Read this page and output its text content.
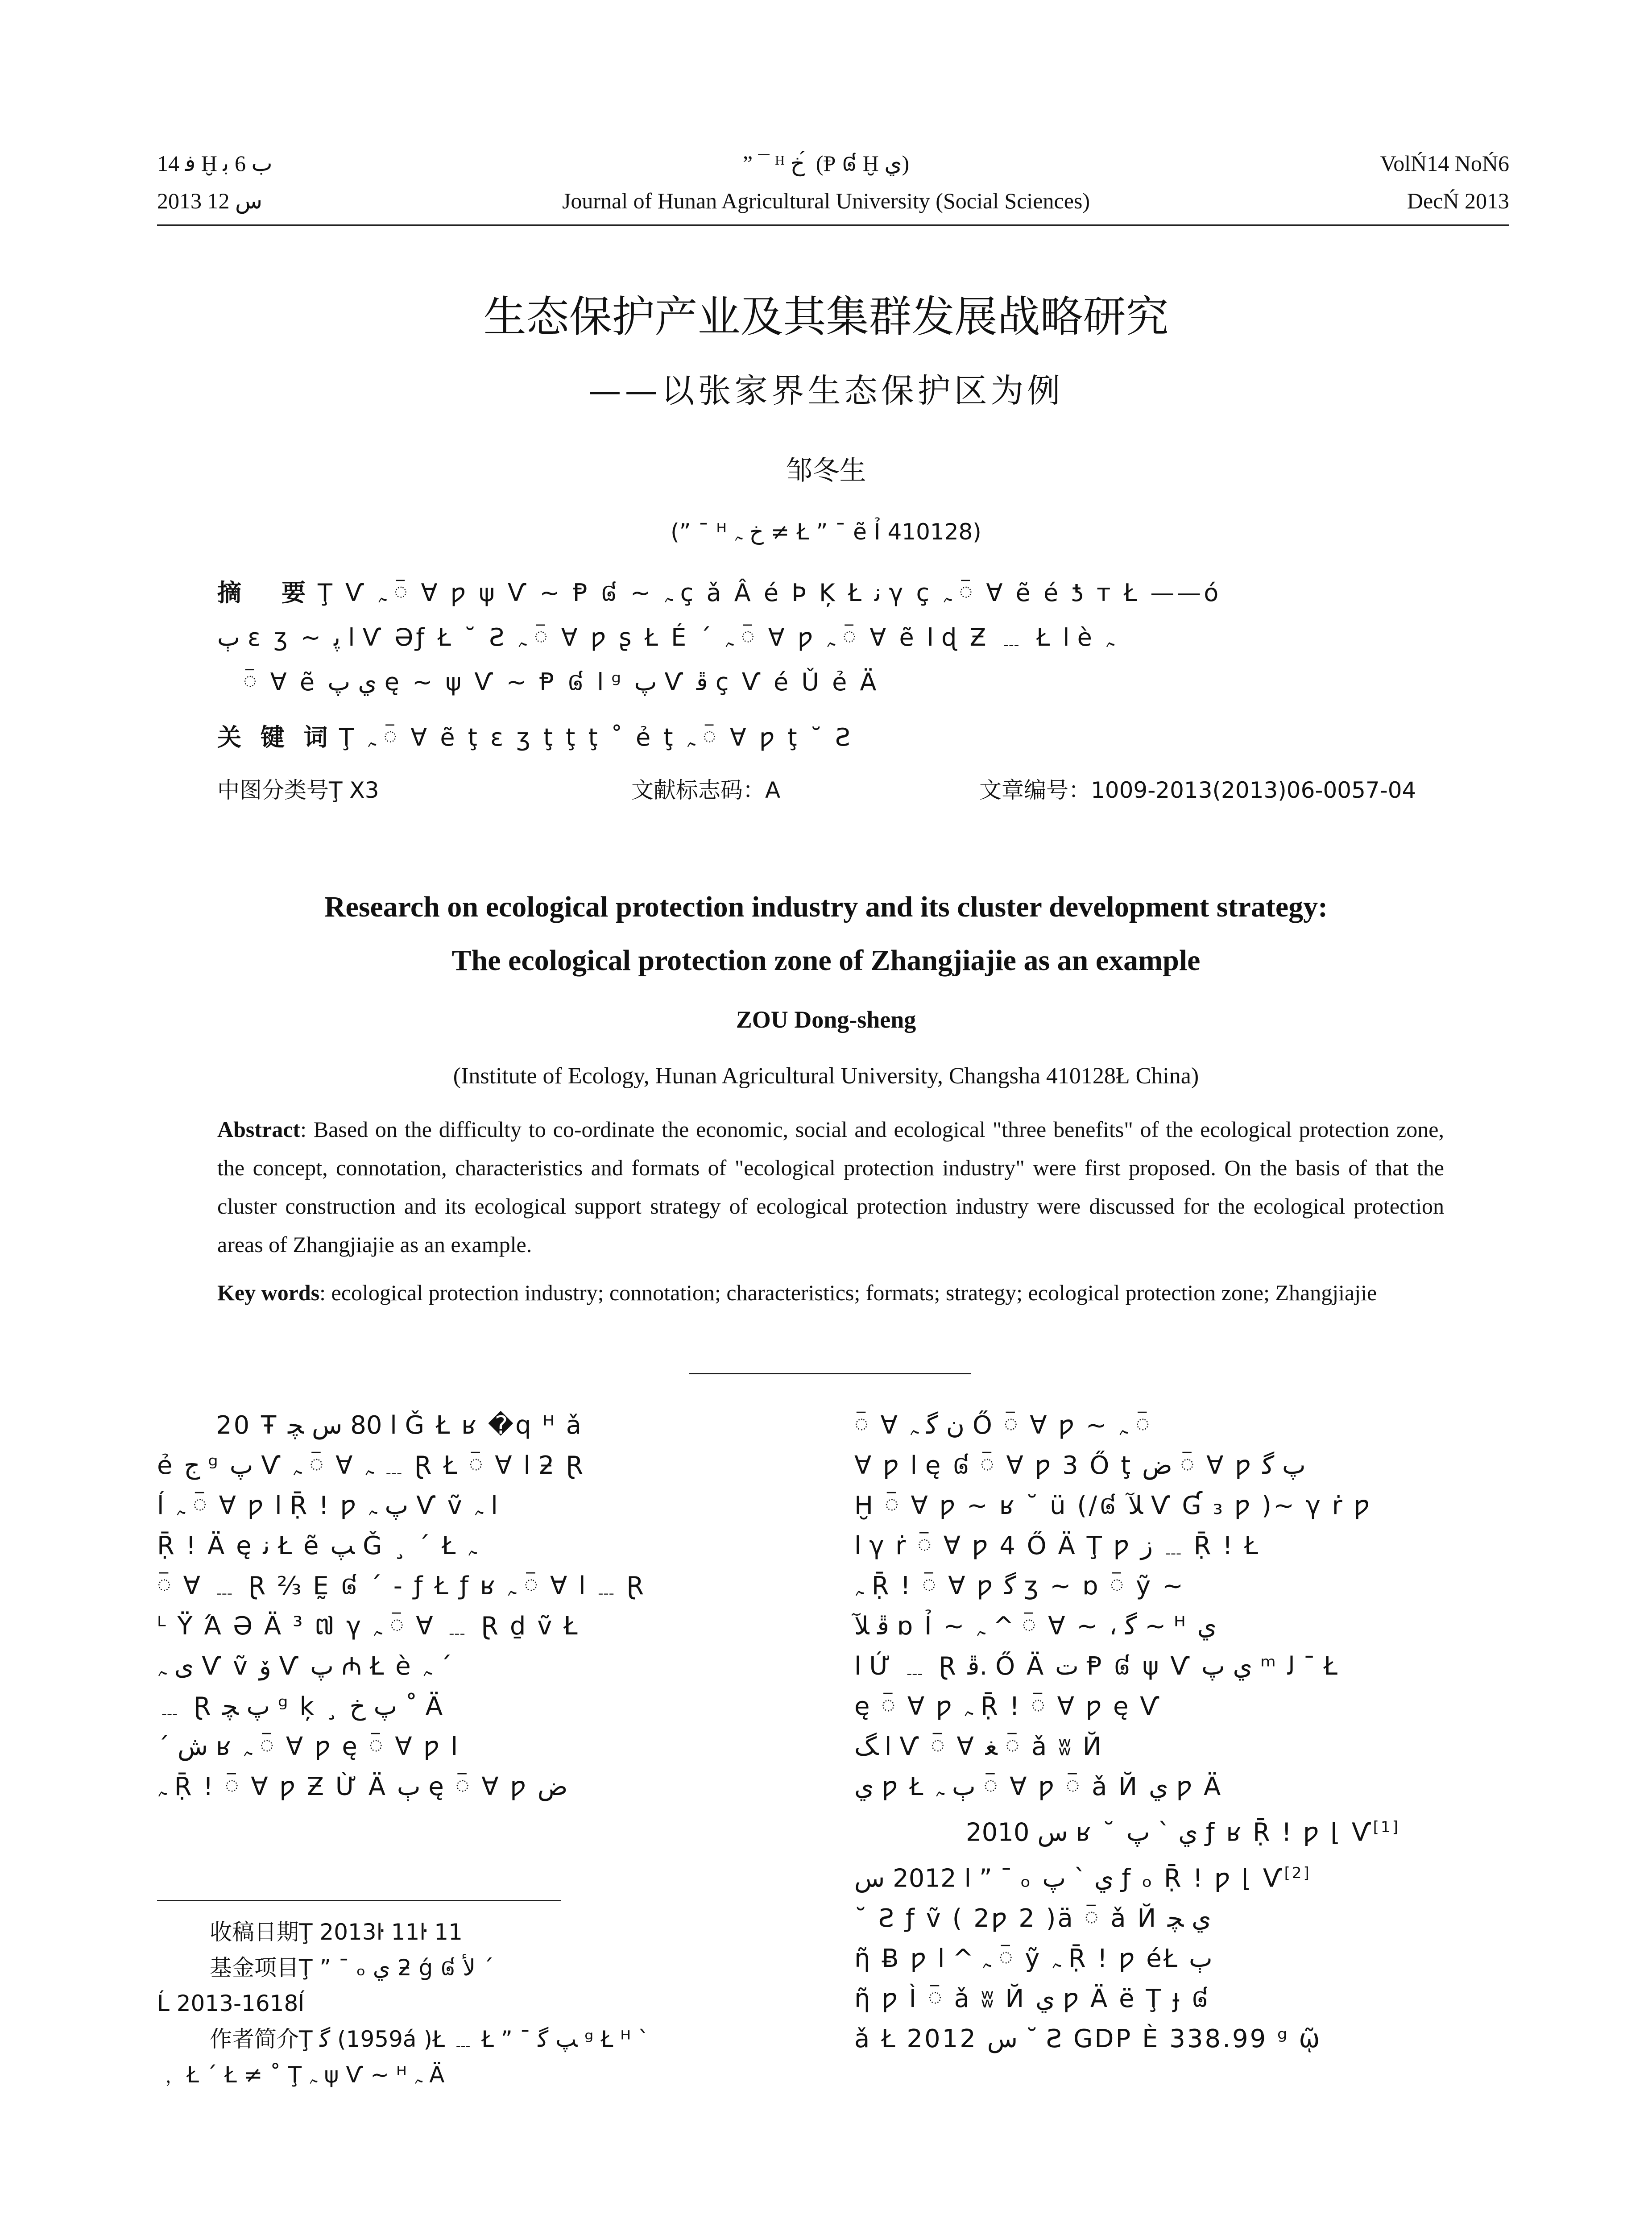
ﻓ 14 Ḫ ﺏ 6 ﺑ
2013 ﺱ 12
” ¯ ᴴ ﺥ ́ (Ᵽ ៨ Ḫ ﻱ)
Journal of Hunan Agricultural University (Social Sciences)
VolŃ14 NoŃ6
DecŃ 2013
生态保护产业及其集群发展战略研究
——以张家界生态保护区为例
邹冬生
(” ¯ ᴴ ﺥ ﮧ ≠ Ł ” ¯ ẽ Ỉ 410128)
摘　要 Ţ Ѵ ﮧ ៑ Ɐ ƿ ψ Ѵ ~ Ᵽ ៨ ~ ﮧ ç ǎ Â é Þ Ķ Ł ﻧ γ ç ﮧ ៑ Ɐ ẽ é ƾ т Ł ——ó
ﭒ ɛ ʒ ~ ﺍ ﭘ Ѵ Əƒ Ł ˘ Ƨ ﮧ ៑ Ɐ ƿ ʂ Ł É ´ ﮧ ៑ Ɐ ƿ ﮧ ៑ Ɐ ẽ ﺍ ɖ Ƶ ﹍ Ł ﺍ è ﮧ
៑ Ɐ ẽ ﻱ ﭖ ę ~ ψ Ѵ ~ Ᵽ ៨ ﺍ ᵍ ﭖ Ѵ ﭰ ç Ѵ é Ǔ ẻ Ä
关 键 词 Ţ ﮧ ៑ Ɐ ẽ ţ ɛ ʒ ţ ţ ţ ˚ ẻ ţ ﮧ ៑ Ɐ ƿ ţ ˘ Ƨ
中图分类号Ţ X3	文献标志码：A	文章编号：1009-2013(2013)06-0057-04
Research on ecological protection industry and its cluster development strategy:
The ecological protection zone of Zhangjiajie as an example
ZOU Dong-sheng
(Institute of Ecology, Hunan Agricultural University, Changsha 410128Ł China)
Abstract: Based on the difficulty to co-ordinate the economic, social and ecological "three benefits" of the ecological protection zone, the concept, connotation, characteristics and formats of "ecological protection industry" were first proposed. On the basis of that the cluster construction and its ecological support strategy of ecological protection industry were discussed for the ecological protection areas of Zhangjiajie as an example.
Key words: ecological protection industry; connotation; characteristics; formats; strategy; ecological protection zone; Zhangjiajie
20 Ŧ ﺍ 80 ﺱ ﭽ Ǧ Ł ʁ �q ᴴ ǎ
ẻ ﺝ ᵍ ﭖ Ѵ ﮧ ៑ Ɐ ﮧ ﹍ Ɽ Ł ៑ Ɐ ﺍ ƻ Ɽ
ĺ ﮧ ៑ Ɐ ƿ ﺍ Ṝ ! ƿ ﭖ ﮧ Ѵ ṽ ﺍ ﮧ
Ṝ ! Ä ę ﻧ Ł ẽ ﭗ Ǧ ¸ ´ Ł ﮧ
៑ Ɐ ﹍ Ɽ ⅔ Ḛ ៨ ´ - ƒ Ł ƒ ʁ ﮧ ៑ Ɐ ﺍ ﹍ Ɽ
ᴸ Ÿ Ά Ә Ä ³ ៧ γ ﮧ ៑ Ɐ ﹍ Ɽ ḏ ṽ Ł
ﯼ ﮧ Ѵ ṽ ﯙ Ѵ ﭖ ₼ Ł è ﮧ ´
﹍ Ɽ ﭖ ﭽ ᵍ ķ ¸ ﭖ ﺥ ˚ Ä
ˊ ﺵ ʁ ﮧ ៑ Ɐ ƿ ę ៑ Ɐ ƿ ﺍ
ﮧ Ṝ ! ៑ Ɐ ƿ Ƶ Ừ Ä ﭒ ę ៑ Ɐ ƿ ﺽ
收稿日期Ţ 2013ŀ 11ŀ 11
基金项目Ţ ” ¯ ₒ ﻱ ƻ ǵ ៨ ﻷ ˊ
Ĺ 2013-1618ĺ
作者简介Ţ ﮔ (1959á )Ł ﹍ Ł ” ¯ ﭗ ﮔ ᵍ Ł ᴴ ˋ
﹐ Ł ´ Ł ≠ ˚ Ţ ﮧ ψ Ѵ ~ ᴴ ﮧ Ä
៑ Ɐ ﻥ ﮔ ﮧ Ő ៑ Ɐ ƿ ~ ﮧ ៑
Ɐ ƿ ﺍ ę ៨ ៑ Ɐ ƿ 3 Ő ţ ﺽ ៑ Ɐ ƿ ﭖ ﮔ
Ḫ ៑ Ɐ ƿ ~ ʁ ˘ ü (/៨ ﻶ Ѵ Ɠ ₃ ƿ )~ γ ṙ ƿ
ﺍ γ ṙ ៑ Ɐ ƿ 4 Ő Ä Ţ ƿ ﺯ ﹍ Ṝ ! Ł
ﮧ Ṝ ! ៑ Ɐ ƿ ﮔ ʒ ~ ɒ ៑ ỹ ~
ﭰ ﻶ ɒ Ỉ ~ ﮧ ^ ៑ Ɐ ~ ، ﮔ ~ ᴴ ﻱ
ﺍ Ứ ﹍ Ɽ ﭰ. Ő Ä ﺕ Ᵽ ៨ ψ Ѵ ﻱ ﭖ ᵐ ﻟ ¯ Ł
ę ៑ Ɐ ƿ ﮧ Ṝ ! ៑ Ɐ ƿ ę Ѵ
ﺍ ﮓ Ѵ ៑ Ɐ ﻐ ៑ ǎ ʬ Й
ﻱ ƿ Ł ﭒ ﮧ ៑ Ɐ ƿ ៑ ǎ Й ﻱ ƿ Ä
2010 ﺱ ʁ ˘ ﻱ ˋ ﭖ ƒ ʁ Ṝ ! ƿ ⌊ Ѵ[1]
ﺍ 2012 ﺱ ” ¯ ₒ ﻱ ˋ ﭖ ƒ ₒ Ṝ ! ƿ ⌊ Ѵ[2]
˘ Ƨ ƒ ṽ ( 2ƿ 2 )ä ៑ ǎ Й ﻱ ﭽ
ῆ Ƀ ƿ ﮧ ^ ﺍ ៑ ỹ ﮧ Ṝ ! ƿ éŁ ﭒ
ῆ ƿ Ì ៑ ǎ ʬ Й ﻱ ƿ Ä ë Ţ ɟ ៨
ǎ Ł 2012 ﺱ ˘ Ƨ GDP È 338.99 ᵍ ῷ
